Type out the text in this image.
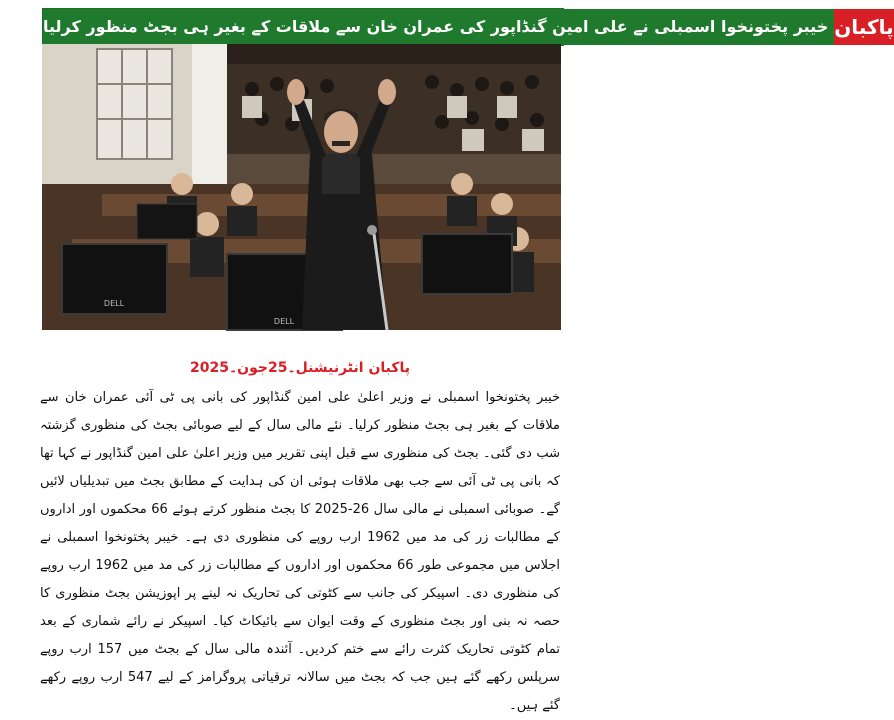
خیبر پختونخوا اسمبلی نے علی امین گنڈاپور کی عمران خان سے ملاقات کے بغیر ہی بجٹ منظور کرلیا پاکبان
DELL
DELL
پاکبان انٹرنیشنل۔25جون۔2025

خیبر پختونخوا اسمبلی نے وزیر اعلیٰ علی امین گنڈاپور کی بانی پی ٹی آئی عمران خان سے ملاقات کے بغیر ہی بجٹ منظور کرلیا۔ نئے مالی سال کے لیے صوبائی بجٹ کی منظوری گزشتہ شب دی گئی۔ بجٹ کی منظوری سے قبل اپنی تقریر میں وزیر اعلیٰ علی امین گنڈاپور نے کہا تھا کہ بانی پی ٹی آئی سے جب بھی ملاقات ہوئی ان کی ہدایت کے مطابق بجٹ میں تبدیلیاں لائیں گے۔ صوبائی اسمبلی نے مالی سال 26-2025 کا بجٹ منظور کرتے ہوئے 66 محکموں اور اداروں کے مطالبات زر کی مد میں 1962 ارب روپے کی منظوری دی ہے۔ خیبر پختونخوا اسمبلی نے اجلاس میں مجموعی طور 66 محکموں اور اداروں کے مطالبات زر کی مد میں 1962 ارب روپے کی منظوری دی۔ اسپیکر کی جانب سے کٹوتی کی تحاریک نہ لینے پر اپوزیشن بجٹ منظوری کا حصہ نہ بنی اور بجٹ منظوری کے وقت ایوان سے بائیکاٹ کیا۔ اسپیکر نے رائے شماری کے بعد تمام کٹوتی تحاریک کثرت رائے سے ختم کردیں۔ آئندہ مالی سال کے بجٹ میں 157 ارب روپے سرپلس رکھے گئے ہیں جب کہ بجٹ میں سالانہ ترقیاتی پروگرامز کے لیے 547 ارب روپے رکھے گئے ہیں۔
